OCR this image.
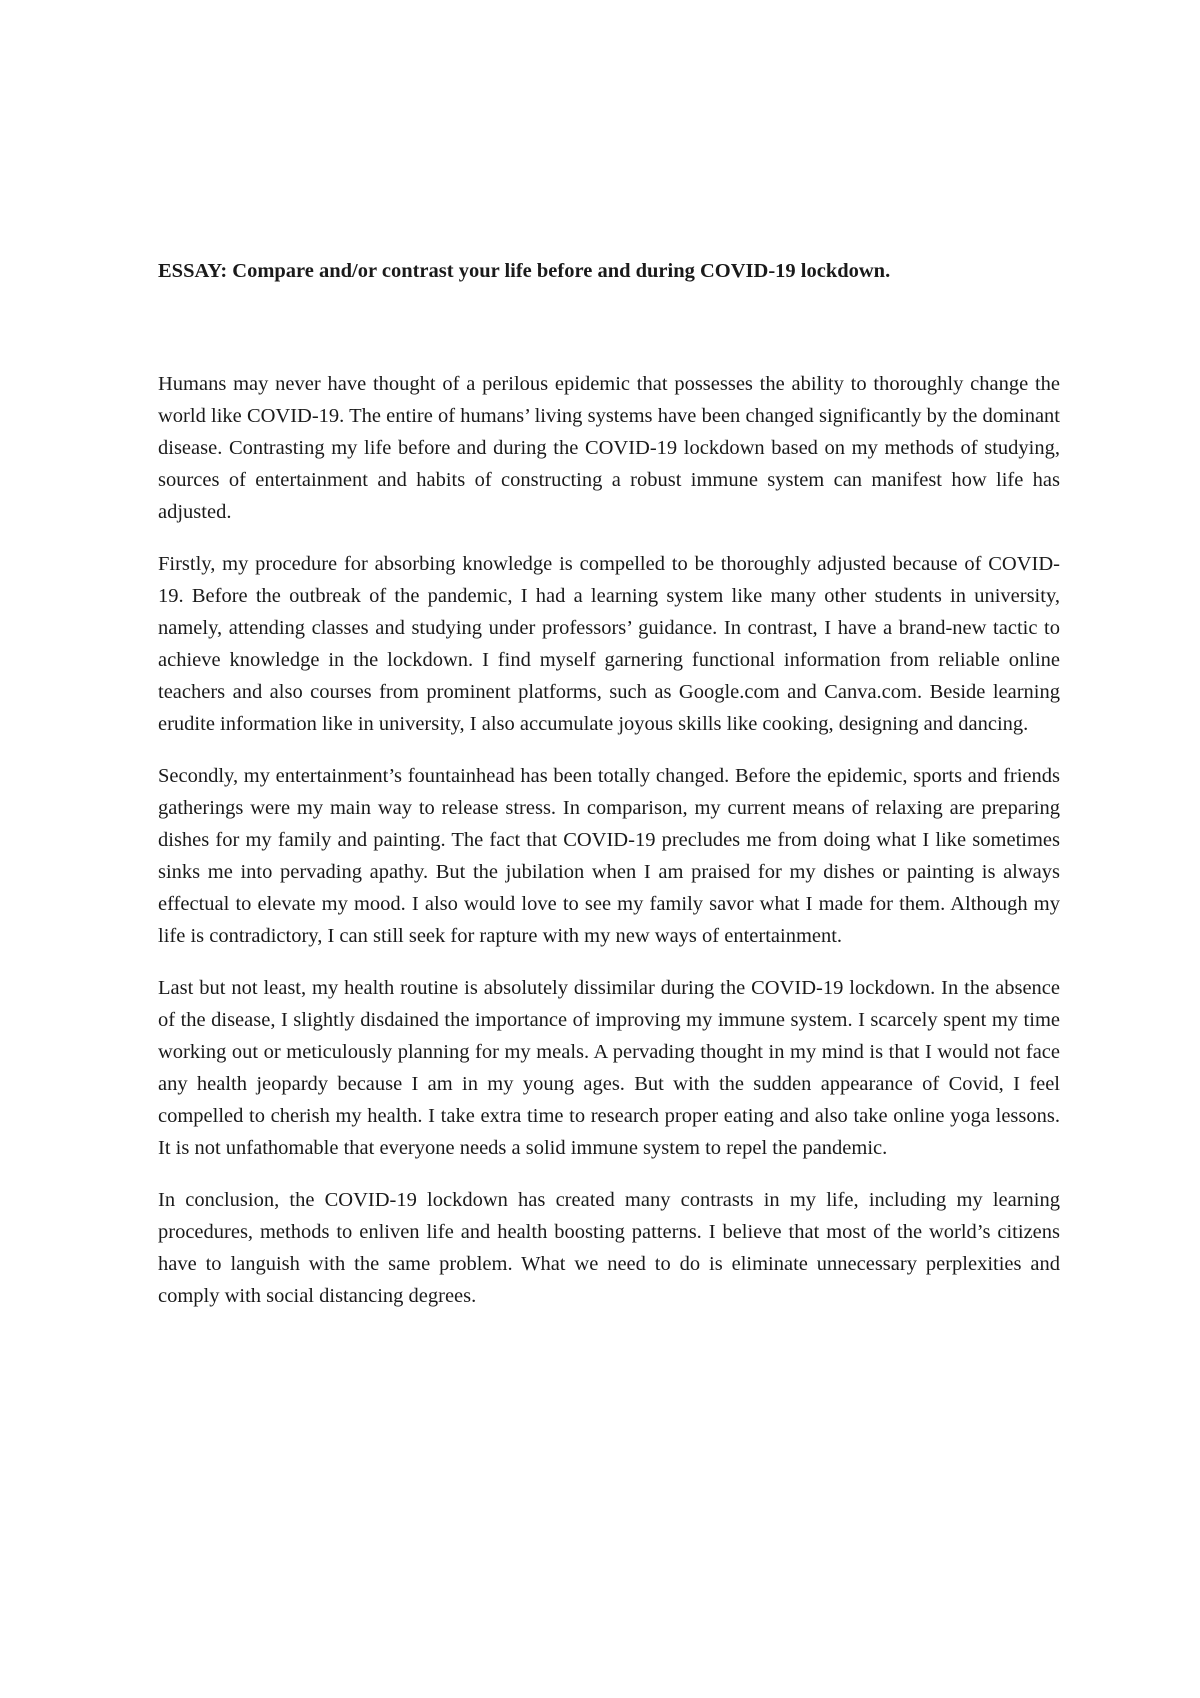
ESSAY: Compare and/or contrast your life before and during COVID-19 lockdown.

Humans may never have thought of a perilous epidemic that possesses the ability to thoroughly change the world like COVID-19. The entire of humans’ living systems have been changed significantly by the dominant disease. Contrasting my life before and during the COVID-19 lockdown based on my methods of studying, sources of entertainment and habits of constructing a robust immune system can manifest how life has adjusted.

Firstly, my procedure for absorbing knowledge is compelled to be thoroughly adjusted because of COVID-19. Before the outbreak of the pandemic, I had a learning system like many other students in university, namely, attending classes and studying under professors’ guidance. In contrast, I have a brand-new tactic to achieve knowledge in the lockdown. I find myself garnering functional information from reliable online teachers and also courses from prominent platforms, such as Google.com and Canva.com. Beside learning erudite information like in university, I also accumulate joyous skills like cooking, designing and dancing.

Secondly, my entertainment’s fountainhead has been totally changed. Before the epidemic, sports and friends gatherings were my main way to release stress. In comparison, my current means of relaxing are preparing dishes for my family and painting. The fact that COVID-19 precludes me from doing what I like sometimes sinks me into pervading apathy. But the jubilation when I am praised for my dishes or painting is always effectual to elevate my mood. I also would love to see my family savor what I made for them. Although my life is contradictory, I can still seek for rapture with my new ways of entertainment.

Last but not least, my health routine is absolutely dissimilar during the COVID-19 lockdown. In the absence of the disease, I slightly disdained the importance of improving my immune system. I scarcely spent my time working out or meticulously planning for my meals. A pervading thought in my mind is that I would not face any health jeopardy because I am in my young ages. But with the sudden appearance of Covid, I feel compelled to cherish my health. I take extra time to research proper eating and also take online yoga lessons. It is not unfathomable that everyone needs a solid immune system to repel the pandemic.

In conclusion, the COVID-19 lockdown has created many contrasts in my life, including my learning procedures, methods to enliven life and health boosting patterns. I believe that most of the world’s citizens have to languish with the same problem. What we need to do is eliminate unnecessary perplexities and comply with social distancing degrees.
